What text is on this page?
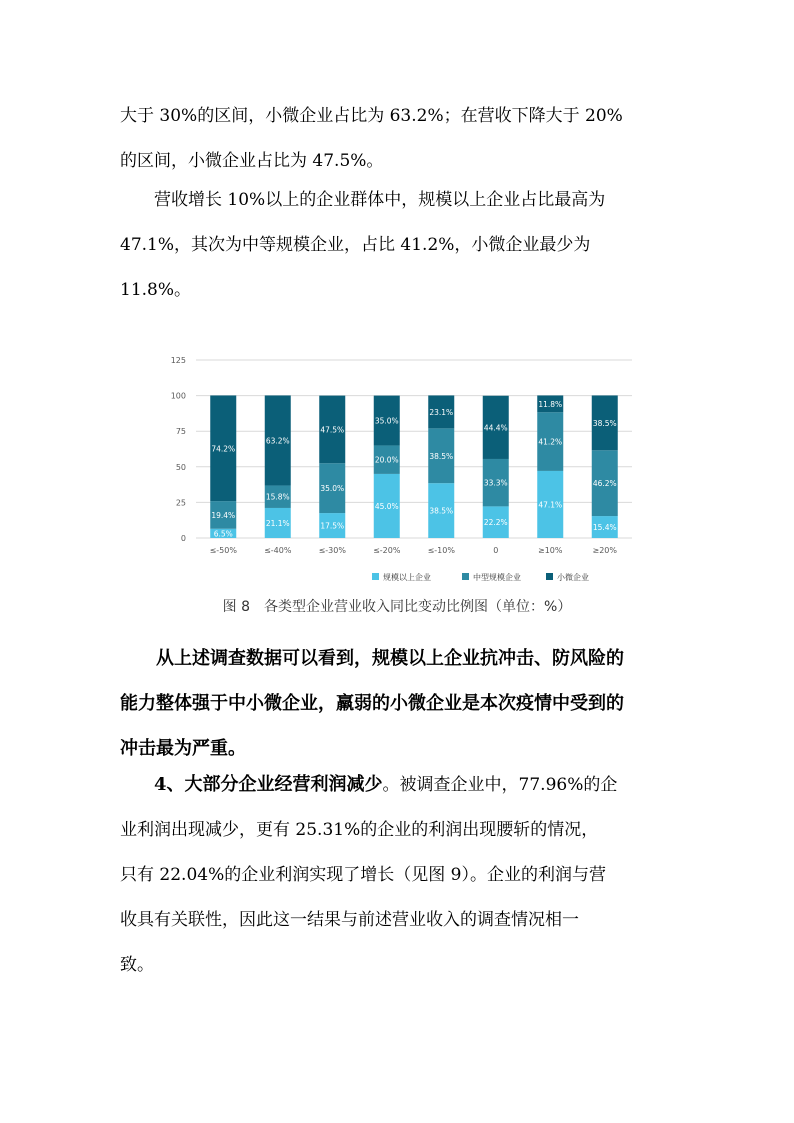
大于 30%的区间，小微企业占比为 63.2%；在营收下降大于 20%
的区间，小微企业占比为 47.5%。

营收增长 10%以上的企业群体中，规模以上企业占比最高为
47.1%，其次为中等规模企业，占比 41.2%，小微企业最少为
11.8%。

0
25
50
75
100
125
6.5%
19.4%
74.2%
21.1%
15.8%
63.2%
17.5%
35.0%
47.5%
45.0%
20.0%
35.0%
38.5%
38.5%
23.1%
22.2%
33.3%
44.4%
47.1%
41.2%
11.8%
15.4%
46.2%
38.5%
≤-50%	≤-40%	≤-30%	≤-20%	≤-10%	0	≥10%	≥20%
规模以上企业	中型规模企业	小微企业
图 8　各类型企业营业收入同比变动比例图（单位：%）

从上述调查数据可以看到，规模以上企业抗冲击、防风险的
能力整体强于中小微企业，羸弱的小微企业是本次疫情中受到的
冲击最为严重。

4、大部分企业经营利润减少。被调查企业中，77.96%的企
业利润出现减少，更有 25.31%的企业的利润出现腰斩的情况，
只有 22.04%的企业利润实现了增长（见图 9）。企业的利润与营
收具有关联性，因此这一结果与前述营业收入的调查情况相一
致。
